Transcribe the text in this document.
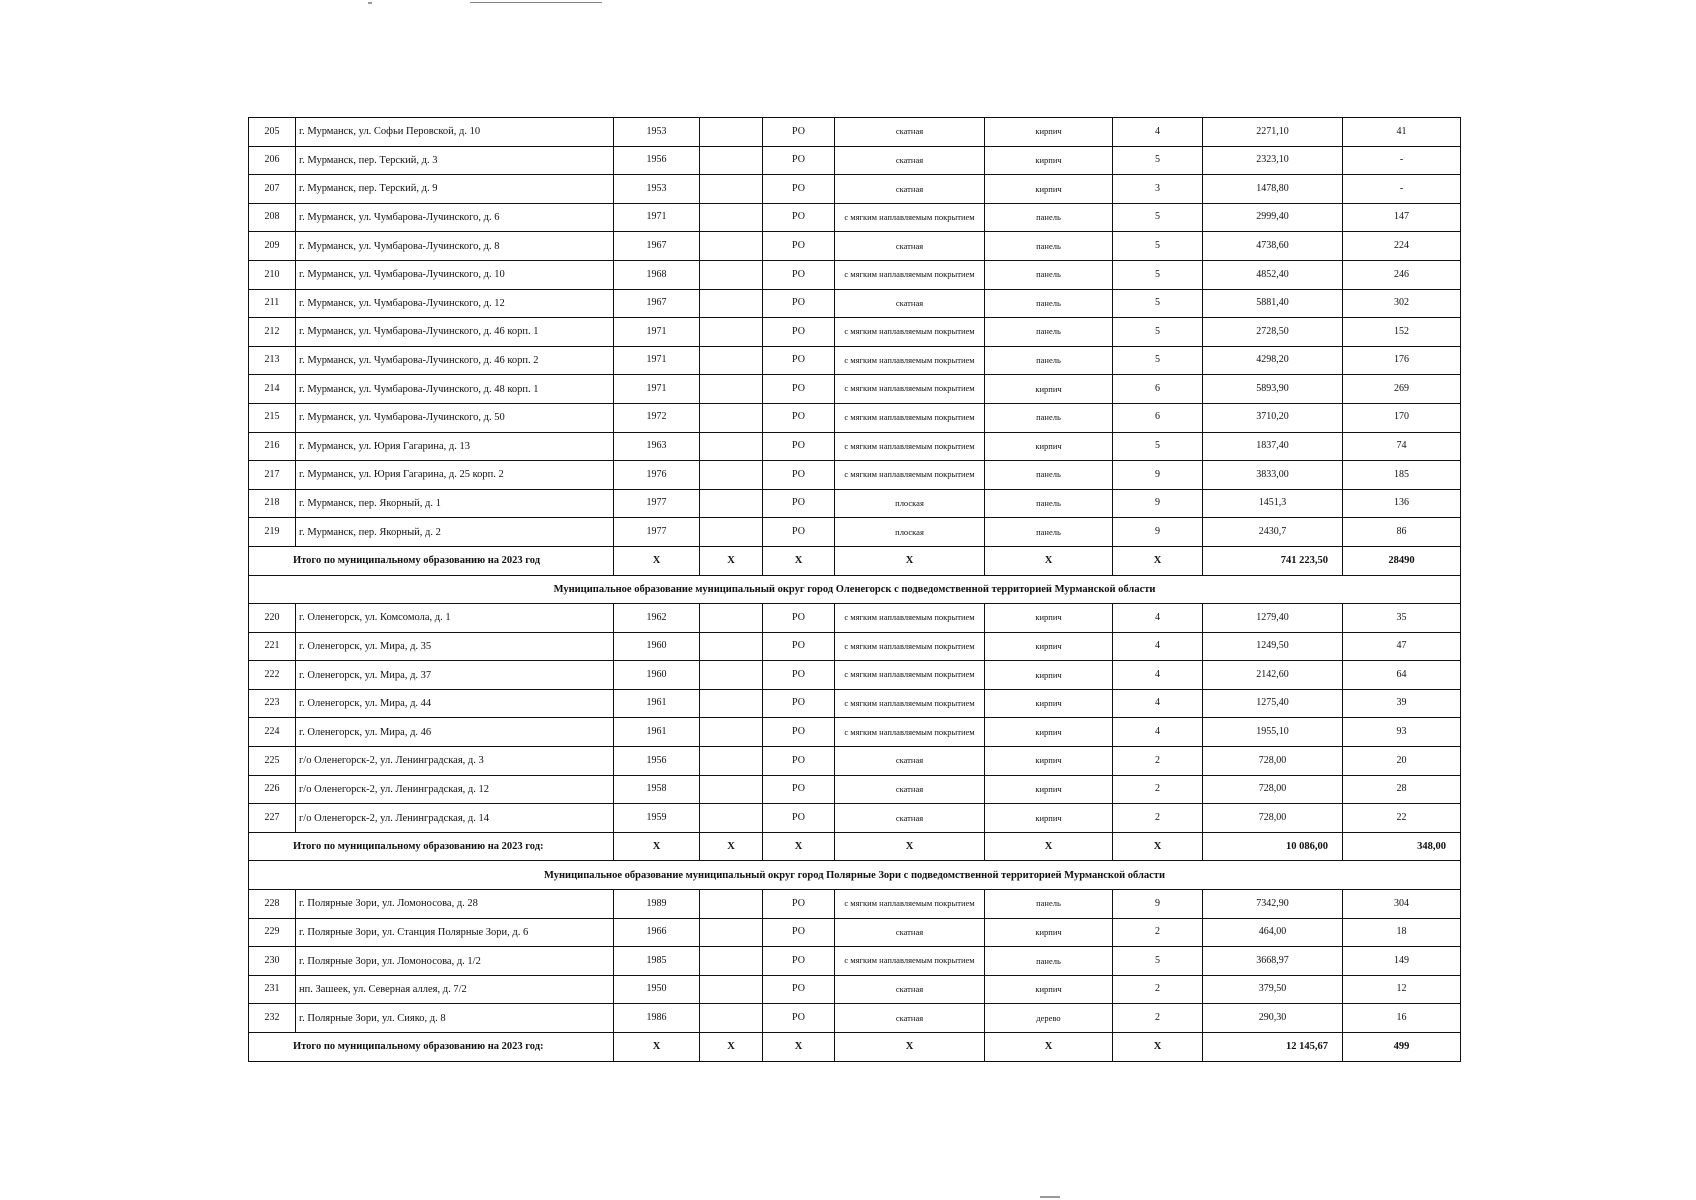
205	г. Мурманск, ул. Софьи Перовской, д. 10	1953		РО	скатная	кирпич	4	2271,10	41
206	г. Мурманск, пер. Терский, д. 3	1956		РО	скатная	кирпич	5	2323,10	-
207	г. Мурманск, пер. Терский, д. 9	1953		РО	скатная	кирпич	3	1478,80	-
208	г. Мурманск, ул. Чумбарова-Лучинского, д. 6	1971		РО	с мягким наплавляемым покрытием	панель	5	2999,40	147
209	г. Мурманск, ул. Чумбарова-Лучинского, д. 8	1967		РО	скатная	панель	5	4738,60	224
210	г. Мурманск, ул. Чумбарова-Лучинского, д. 10	1968		РО	с мягким наплавляемым покрытием	панель	5	4852,40	246
211	г. Мурманск, ул. Чумбарова-Лучинского, д. 12	1967		РО	скатная	панель	5	5881,40	302
212	г. Мурманск, ул. Чумбарова-Лучинского, д. 46 корп. 1	1971		РО	с мягким наплавляемым покрытием	панель	5	2728,50	152
213	г. Мурманск, ул. Чумбарова-Лучинского, д. 46 корп. 2	1971		РО	с мягким наплавляемым покрытием	панель	5	4298,20	176
214	г. Мурманск, ул. Чумбарова-Лучинского, д. 48 корп. 1	1971		РО	с мягким наплавляемым покрытием	кирпич	6	5893,90	269
215	г. Мурманск, ул. Чумбарова-Лучинского, д. 50	1972		РО	с мягким наплавляемым покрытием	панель	6	3710,20	170
216	г. Мурманск, ул. Юрия Гагарина, д. 13	1963		РО	с мягким наплавляемым покрытием	кирпич	5	1837,40	74
217	г. Мурманск, ул. Юрия Гагарина, д. 25 корп. 2	1976		РО	с мягким наплавляемым покрытием	панель	9	3833,00	185
218	г. Мурманск, пер. Якорный, д. 1	1977		РО	плоская	панель	9	1451,3	136
219	г. Мурманск, пер. Якорный, д. 2	1977		РО	плоская	панель	9	2430,7	86
Итого по муниципальному образованию на 2023 год		X	X	X	X	X	X	741 223,50	28490
Муниципальное образование муниципальный округ город Оленегорск с подведомственной территорией Мурманской области									
220	г. Оленегорск, ул. Комсомола, д. 1	1962		РО	с мягким наплавляемым покрытием	кирпич	4	1279,40	35
221	г. Оленегорск, ул. Мира, д. 35	1960		РО	с мягким наплавляемым покрытием	кирпич	4	1249,50	47
222	г. Оленегорск, ул. Мира, д. 37	1960		РО	с мягким наплавляемым покрытием	кирпич	4	2142,60	64
223	г. Оленегорск, ул. Мира, д. 44	1961		РО	с мягким наплавляемым покрытием	кирпич	4	1275,40	39
224	г. Оленегорск, ул. Мира, д. 46	1961		РО	с мягким наплавляемым покрытием	кирпич	4	1955,10	93
225	г/о Оленегорск-2, ул. Ленинградская, д. 3	1956		РО	скатная	кирпич	2	728,00	20
226	г/о Оленегорск-2, ул. Ленинградская, д. 12	1958		РО	скатная	кирпич	2	728,00	28
227	г/о Оленегорск-2, ул. Ленинградская, д. 14	1959		РО	скатная	кирпич	2	728,00	22
Итого по муниципальному образованию на 2023 год:		X	X	X	X	X	X	10 086,00	348,00
Муниципальное образование муниципальный округ город Полярные Зори с подведомственной территорией Мурманской области									
228	г. Полярные Зори, ул. Ломоносова, д. 28	1989		РО	с мягким наплавляемым покрытием	панель	9	7342,90	304
229	г. Полярные Зори, ул. Станция Полярные Зори, д. 6	1966		РО	скатная	кирпич	2	464,00	18
230	г. Полярные Зори, ул. Ломоносова, д. 1/2	1985		РО	с мягким наплавляемым покрытием	панель	5	3668,97	149
231	нп. Зашеек, ул. Северная аллея, д. 7/2	1950		РО	скатная	кирпич	2	379,50	12
232	г. Полярные Зори, ул. Сияко, д. 8	1986		РО	скатная	дерево	2	290,30	16
Итого по муниципальному образованию на 2023 год:		X	X	X	X	X	X	12 145,67	499
